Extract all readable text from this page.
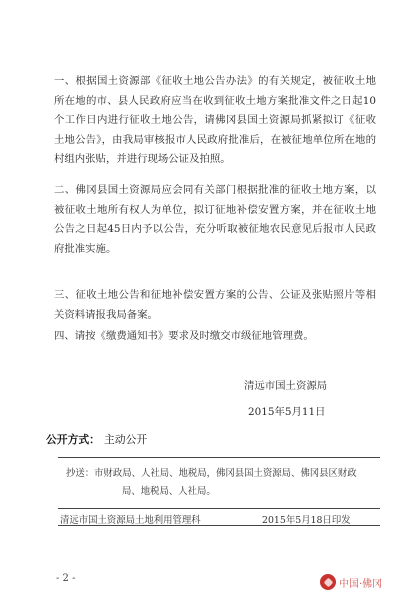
一、根据国土资源部《征收土地公告办法》的有关规定，被征收土地所在地的市、县人民政府应当在收到征收土地方案批准文件之日起10个工作日内进行征收土地公告，请佛冈县国土资源局抓紧拟订《征收土地公告》，由我局审核报市人民政府批准后，在被征地单位所在地的村组内张贴，并进行现场公证及拍照。
二、佛冈县国土资源局应会同有关部门根据批准的征收土地方案，以被征收土地所有权人为单位，拟订征地补偿安置方案，并在征收土地公告之日起45日内予以公告，充分听取被征地农民意见后报市人民政府批准实施。
三、征收土地公告和征地补偿安置方案的公告、公证及张贴照片等相关资料请报我局备案。
四、请按《缴费通知书》要求及时缴交市级征地管理费。
清远市国土资源局
2015年5月11日
公开方式： 主动公开
抄送：市财政局、人社局、地税局，佛冈县国土资源局、佛冈县区财政
局、地税局、人社局。
清远市国土资源局土地利用管理科	2015年5月18日印发
- 2 -	中国·佛冈
